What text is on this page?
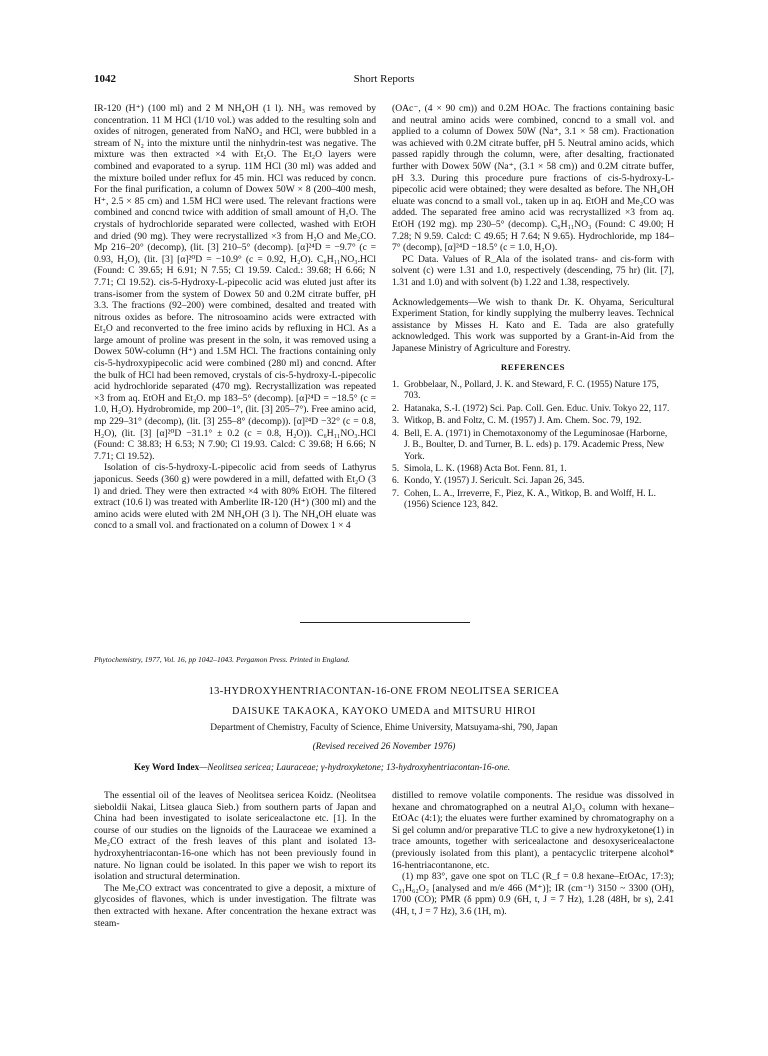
1042	Short Reports

IR-120 (H⁺) (100 ml) and 2 M NH₄OH (1 l). NH₃ was removed by concentration. 11 M HCl (1/10 vol.) was added to the resulting soln and oxides of nitrogen, generated from NaNO₂ and HCl, were bubbled in a stream of N₂ into the mixture until the ninhydrin-test was negative. The mixture was then extracted ×4 with Et₂O. The Et₂O layers were combined and evaporated to a syrup. 11M HCl (30 ml) was added and the mixture boiled under reflux for 45 min. HCl was reduced by concn. For the final purification, a column of Dowex 50W × 8 (200–400 mesh, H⁺, 2.5 × 85 cm) and 1.5M HCl were used. The relevant fractions were combined and concnd twice with addition of small amount of H₂O. The crystals of hydrochloride separated were collected, washed with EtOH and dried (90 mg). They were recrystallized ×3 from H₂O and Me₂CO. Mp 216–20° (decomp), (lit. [3] 210–5° (decomp). [α]²⁴D = −9.7° (c = 0.93, H₂O), (lit. [3] [α]²⁰D = −10.9° (c = 0.92, H₂O). C₆H₁₁NO₃.HCl (Found: C 39.65; H 6.91; N 7.55; Cl 19.59. Calcd.: 39.68; H 6.66; N 7.71; Cl 19.52). cis-5-Hydroxy-L-pipecolic acid was eluted just after its trans-isomer from the system of Dowex 50 and 0.2M citrate buffer, pH 3.3. The fractions (92–200) were combined, desalted and treated with nitrous oxides as before. The nitrosoamino acids were extracted with Et₂O and reconverted to the free imino acids by refluxing in HCl. As a large amount of proline was present in the soln, it was removed using a Dowex 50W-column (H⁺) and 1.5M HCl. The fractions containing only cis-5-hydroxypipecolic acid were combined (280 ml) and concnd. After the bulk of HCl had been removed, crystals of cis-5-hydroxy-L-pipecolic acid hydrochloride separated (470 mg). Recrystallization was repeated ×3 from aq. EtOH and Et₂O. mp 183–5° (decomp). [α]²⁴D = −18.5° (c = 1.0, H₂O). Hydrobromide, mp 200–1°, (lit. [3] 205–7°). Free amino acid, mp 229–31° (decomp), (lit. [3] 255–8° (decomp)). [α]²⁴D −32° (c = 0.8, H₂O), (lit. [3] [α]²⁰D −31.1° ± 0.2 (c = 0.8, H₂O)). C₆H₁₁NO₃.HCl (Found: C 38.83; H 6.53; N 7.90; Cl 19.93. Calcd: C 39.68; H 6.66; N 7.71; Cl 19.52).

Isolation of cis-5-hydroxy-L-pipecolic acid from seeds of Lathyrus japonicus. Seeds (360 g) were powdered in a mill, defatted with Et₂O (3 l) and dried. They were then extracted ×4 with 80% EtOH. The filtered extract (10.6 l) was treated with Amberlite IR-120 (H⁺) (300 ml) and the amino acids were eluted with 2M NH₄OH (3 l). The NH₄OH eluate was concd to a small vol. and fractionated on a column of Dowex 1 × 4

(OAc⁻, (4 × 90 cm)) and 0.2M HOAc. The fractions containing basic and neutral amino acids were combined, concnd to a small vol. and applied to a column of Dowex 50W (Na⁺, 3.1 × 58 cm). Fractionation was achieved with 0.2M citrate buffer, pH 5. Neutral amino acids, which passed rapidly through the column, were, after desalting, fractionated further with Dowex 50W (Na⁺, (3.1 × 58 cm)) and 0.2M citrate buffer, pH 3.3. During this procedure pure fractions of cis-5-hydroxy-L-pipecolic acid were obtained; they were desalted as before. The NH₄OH eluate was concnd to a small vol., taken up in aq. EtOH and Me₂CO was added. The separated free amino acid was recrystallized ×3 from aq. EtOH (192 mg). mp 230–5° (decomp). C₆H₁₁NO₃ (Found: C 49.00; H 7.28; N 9.59. Calcd: C 49.65; H 7.64; N 9.65). Hydrochloride, mp 184–7° (decomp), [α]²⁴D −18.5° (c = 1.0, H₂O).

PC Data. Values of R_Ala of the isolated trans- and cis-form with solvent (c) were 1.31 and 1.0, respectively (descending, 75 hr) (lit. [7], 1.31 and 1.0) and with solvent (b) 1.22 and 1.38, respectively.

Acknowledgements—We wish to thank Dr. K. Ohyama, Sericultural Experiment Station, for kindly supplying the mulberry leaves. Technical assistance by Misses H. Kato and E. Tada are also gratefully acknowledged. This work was supported by a Grant-in-Aid from the Japanese Ministry of Agriculture and Forestry.

REFERENCES
1. Grobbelaar, N., Pollard, J. K. and Steward, F. C. (1955) Nature 175, 703.
2. Hatanaka, S.-I. (1972) Sci. Pap. Coll. Gen. Educ. Univ. Tokyo 22, 117.
3. Witkop, B. and Foltz, C. M. (1957) J. Am. Chem. Soc. 79, 192.
4. Bell, E. A. (1971) in Chemotaxonomy of the Leguminosae (Harborne, J. B., Boulter, D. and Turner, B. L. eds) p. 179. Academic Press, New York.
5. Simola, L. K. (1968) Acta Bot. Fenn. 81, 1.
6. Kondo, Y. (1957) J. Sericult. Sci. Japan 26, 345.
7. Cohen, L. A., Irreverre, F., Piez, K. A., Witkop, B. and Wolff, H. L. (1956) Science 123, 842.
Phytochemistry, 1977, Vol. 16, pp 1042–1043. Pergamon Press. Printed in England.
13-HYDROXYHENTRIACONTAN-16-ONE FROM NEOLITSEA SERICEA
DAISUKE TAKAOKA, KAYOKO UMEDA and MITSURU HIROI
Department of Chemistry, Faculty of Science, Ehime University, Matsuyama-shi, 790, Japan
(Revised received 26 November 1976)
Key Word Index—Neolitsea sericea; Lauraceae; γ-hydroxyketone; 13-hydroxyhentriacontan-16-one.

The essential oil of the leaves of Neolitsea sericea Koidz. (Neolitsea sieboldii Nakai, Litsea glauca Sieb.) from southern parts of Japan and China had been investigated to isolate sericealactone etc. [1]. In the course of our studies on the lignoids of the Lauraceae we examined a Me₂CO extract of the fresh leaves of this plant and isolated 13-hydroxyhentriacontan-16-one which has not been previously found in nature. No lignan could be isolated. In this paper we wish to report its isolation and structural determination.

The Me₂CO extract was concentrated to give a deposit, a mixture of glycosides of flavones, which is under investigation. The filtrate was then extracted with hexane. After concentration the hexane extract was steam-

distilled to remove volatile components. The residue was dissolved in hexane and chromatographed on a neutral Al₂O₃ column with hexane–EtOAc (4:1); the eluates were further examined by chromatography on a Si gel column and/or preparative TLC to give a new hydroxyketone(1) in trace amounts, together with sericealactone and desoxysericealactone (previously isolated from this plant), a pentacyclic triterpene alcohol* 16-hentriacontanone, etc.

(1) mp 83°, gave one spot on TLC (R_f = 0.8 hexane–EtOAc, 17:3); C₃₁H₆₂O₂ [analysed and m/e 466 (M⁺)]; IR (cm⁻¹) 3150 ~ 3300 (OH), 1700 (CO); PMR (δ ppm) 0.9 (6H, t, J = 7 Hz), 1.28 (48H, br s), 2.41 (4H, t, J = 7 Hz), 3.6 (1H, m).
